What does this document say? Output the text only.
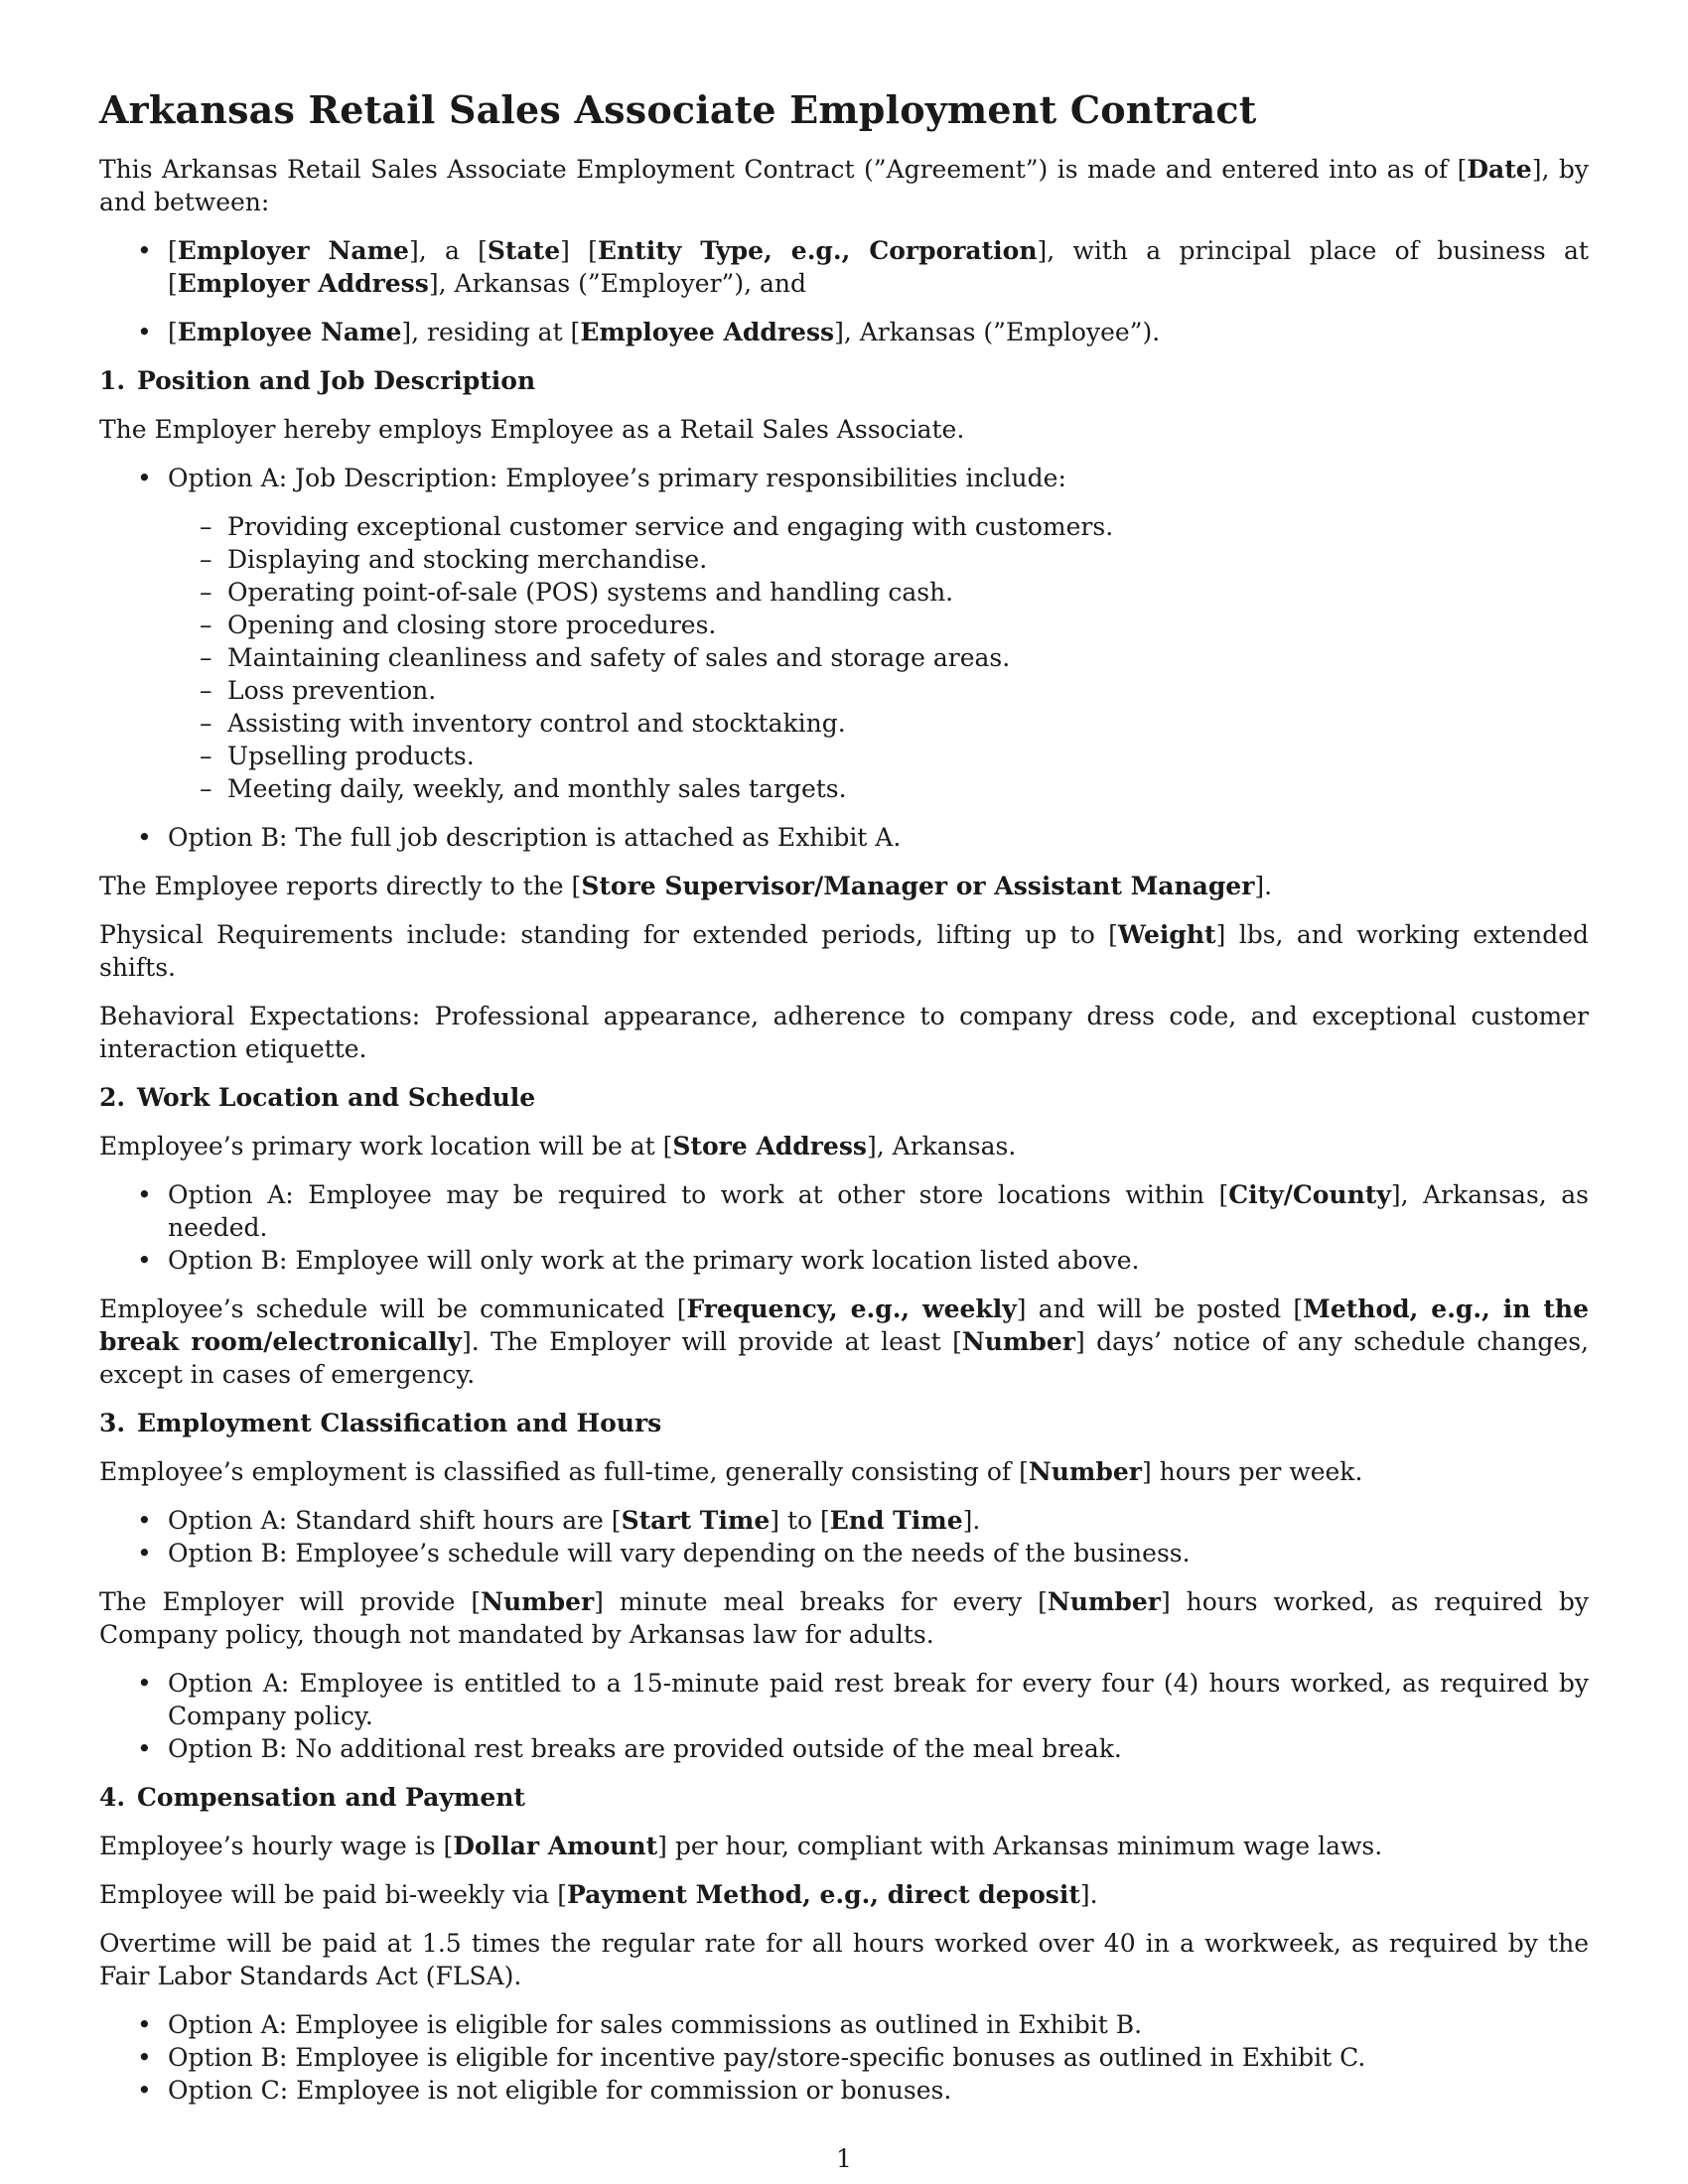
Arkansas Retail Sales Associate Employment Contract

This Arkansas Retail Sales Associate Employment Contract (”Agreement”) is made and entered into as of [Date], by and between:

• [Employer Name], a [State] [Entity Type, e.g., Corporation], with a principal place of business at [Employer Address], Arkansas (”Employer”), and
• [Employee Name], residing at [Employee Address], Arkansas (”Employee”).
1. Position and Job Description

The Employer hereby employs Employee as a Retail Sales Associate.

• Option A: Job Description: Employee’s primary responsibilities include:
– Providing exceptional customer service and engaging with customers.
– Displaying and stocking merchandise.
– Operating point-of-sale (POS) systems and handling cash.
– Opening and closing store procedures.
– Maintaining cleanliness and safety of sales and storage areas.
– Loss prevention.
– Assisting with inventory control and stocktaking.
– Upselling products.
– Meeting daily, weekly, and monthly sales targets.
• Option B: The full job description is attached as Exhibit A.

The Employee reports directly to the [Store Supervisor/Manager or Assistant Manager].

Physical Requirements include: standing for extended periods, lifting up to [Weight] lbs, and working extended shifts.

Behavioral Expectations: Professional appearance, adherence to company dress code, and exceptional customer interaction etiquette.

2. Work Location and Schedule

Employee’s primary work location will be at [Store Address], Arkansas.

• Option A: Employee may be required to work at other store locations within [City/County], Arkansas, as needed.
• Option B: Employee will only work at the primary work location listed above.

Employee’s schedule will be communicated [Frequency, e.g., weekly] and will be posted [Method, e.g., in the break room/electronically]. The Employer will provide at least [Number] days’ notice of any schedule changes, except in cases of emergency.

3. Employment Classification and Hours

Employee’s employment is classified as full-time, generally consisting of [Number] hours per week.

• Option A: Standard shift hours are [Start Time] to [End Time].
• Option B: Employee’s schedule will vary depending on the needs of the business.

The Employer will provide [Number] minute meal breaks for every [Number] hours worked, as required by Company policy, though not mandated by Arkansas law for adults.

• Option A: Employee is entitled to a 15-minute paid rest break for every four (4) hours worked, as required by Company policy.
• Option B: No additional rest breaks are provided outside of the meal break.
4. Compensation and Payment

Employee’s hourly wage is [Dollar Amount] per hour, compliant with Arkansas minimum wage laws.

Employee will be paid bi-weekly via [Payment Method, e.g., direct deposit].

Overtime will be paid at 1.5 times the regular rate for all hours worked over 40 in a workweek, as required by the Fair Labor Standards Act (FLSA).

• Option A: Employee is eligible for sales commissions as outlined in Exhibit B.
• Option B: Employee is eligible for incentive pay/store-specific bonuses as outlined in Exhibit C.
• Option C: Employee is not eligible for commission or bonuses.
1
